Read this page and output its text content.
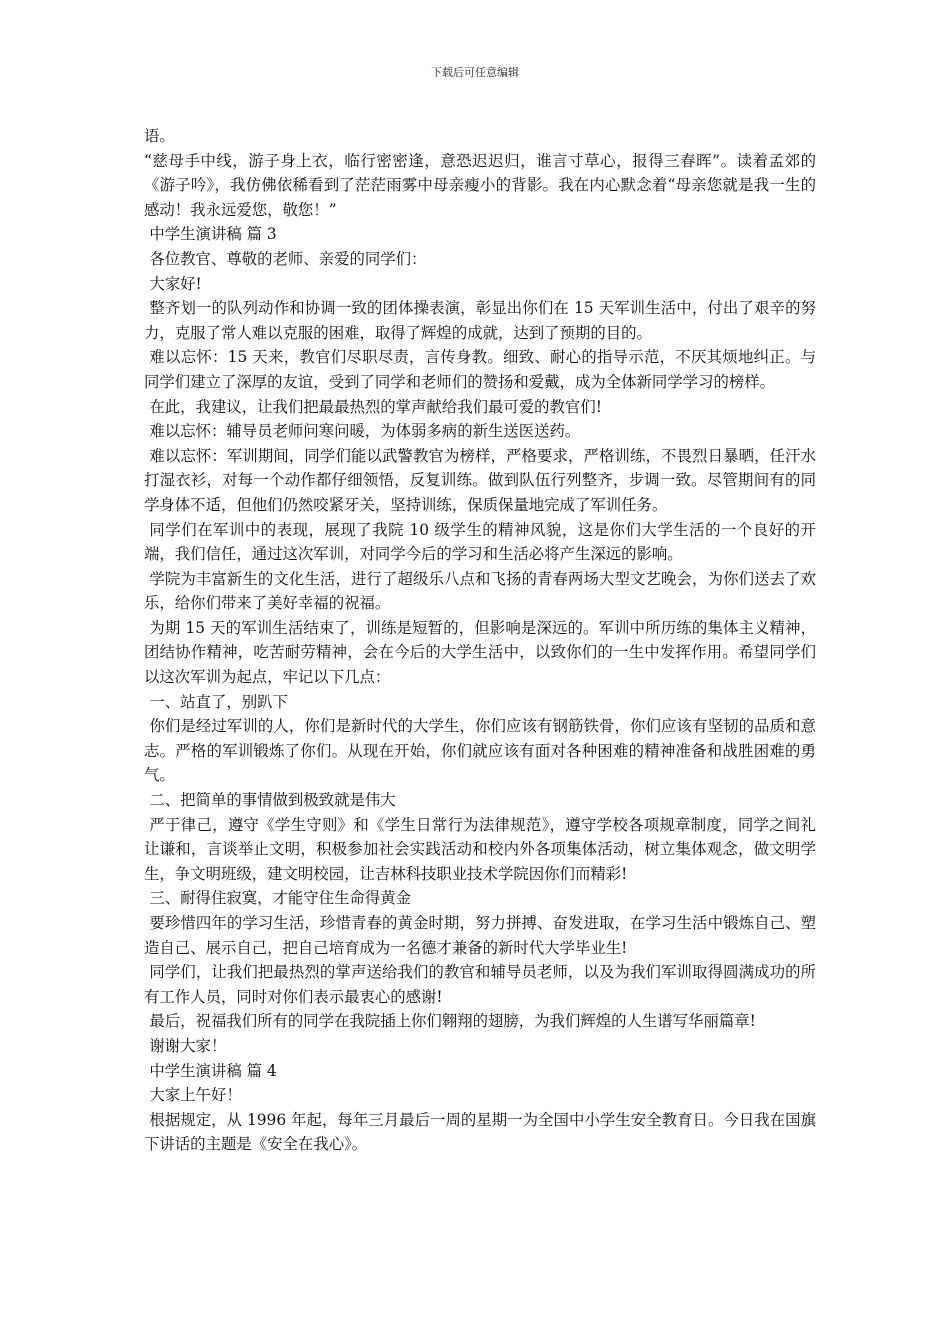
下载后可任意编辑

语。

“慈母手中线，游子身上衣，临行密密逢，意恐迟迟归，谁言寸草心，报得三春晖”。读着孟郊的《游子吟》，我仿佛依稀看到了茫茫雨雾中母亲瘦小的背影。我在内心默念着“母亲您就是我一生的感动！我永远爱您，敬您！”

中学生演讲稿 篇 3

各位教官、尊敬的老师、亲爱的同学们：

大家好!

整齐划一的队列动作和协调一致的团体操表演，彰显出你们在 15 天军训生活中，付出了艰辛的努力，克服了常人难以克服的困难，取得了辉煌的成就，达到了预期的目的。

难以忘怀：15 天来，教官们尽职尽责，言传身教。细致、耐心的指导示范，不厌其烦地纠正。与同学们建立了深厚的友谊，受到了同学和老师们的赞扬和爱戴，成为全体新同学学习的榜样。

在此，我建议，让我们把最最热烈的掌声献给我们最可爱的教官们!

难以忘怀：辅导员老师问寒问暖，为体弱多病的新生送医送药。

难以忘怀：军训期间，同学们能以武警教官为榜样，严格要求，严格训练，不畏烈日暴晒，任汗水打湿衣衫，对每一个动作都仔细领悟，反复训练。做到队伍行列整齐，步调一致。尽管期间有的同学身体不适，但他们仍然咬紧牙关，坚持训练，保质保量地完成了军训任务。

同学们在军训中的表现，展现了我院 10 级学生的精神风貌，这是你们大学生活的一个良好的开端，我们信任，通过这次军训，对同学今后的学习和生活必将产生深远的影响。

学院为丰富新生的文化生活，进行了超级乐八点和飞扬的青春两场大型文艺晚会，为你们送去了欢乐，给你们带来了美好幸福的祝福。

为期 15 天的军训生活结束了，训练是短暂的，但影响是深远的。军训中所历练的集体主义精神，团结协作精神，吃苦耐劳精神，会在今后的大学生活中，以致你们的一生中发挥作用。希望同学们以这次军训为起点，牢记以下几点：

一、站直了，别趴下

你们是经过军训的人，你们是新时代的大学生，你们应该有钢筋铁骨，你们应该有坚韧的品质和意志。严格的军训锻炼了你们。从现在开始，你们就应该有面对各种困难的精神准备和战胜困难的勇气。

二、把简单的事情做到极致就是伟大

严于律己，遵守《学生守则》和《学生日常行为法律规范》，遵守学校各项规章制度，同学之间礼让谦和，言谈举止文明，积极参加社会实践活动和校内外各项集体活动，树立集体观念，做文明学生，争文明班级，建文明校园，让吉林科技职业技术学院因你们而精彩!

三、耐得住寂寞，才能守住生命得黄金

要珍惜四年的学习生活，珍惜青春的黄金时期，努力拼搏、奋发进取，在学习生活中锻炼自己、塑造自己、展示自己，把自己培育成为一名德才兼备的新时代大学毕业生!

同学们，让我们把最热烈的掌声送给我们的教官和辅导员老师，以及为我们军训取得圆满成功的所有工作人员，同时对你们表示最衷心的感谢!

最后，祝福我们所有的同学在我院插上你们翱翔的翅膀，为我们辉煌的人生谱写华丽篇章!

谢谢大家！

中学生演讲稿 篇 4

大家上午好！

根据规定，从 1996 年起，每年三月最后一周的星期一为全国中小学生安全教育日。今日我在国旗下讲话的主题是《安全在我心》。
